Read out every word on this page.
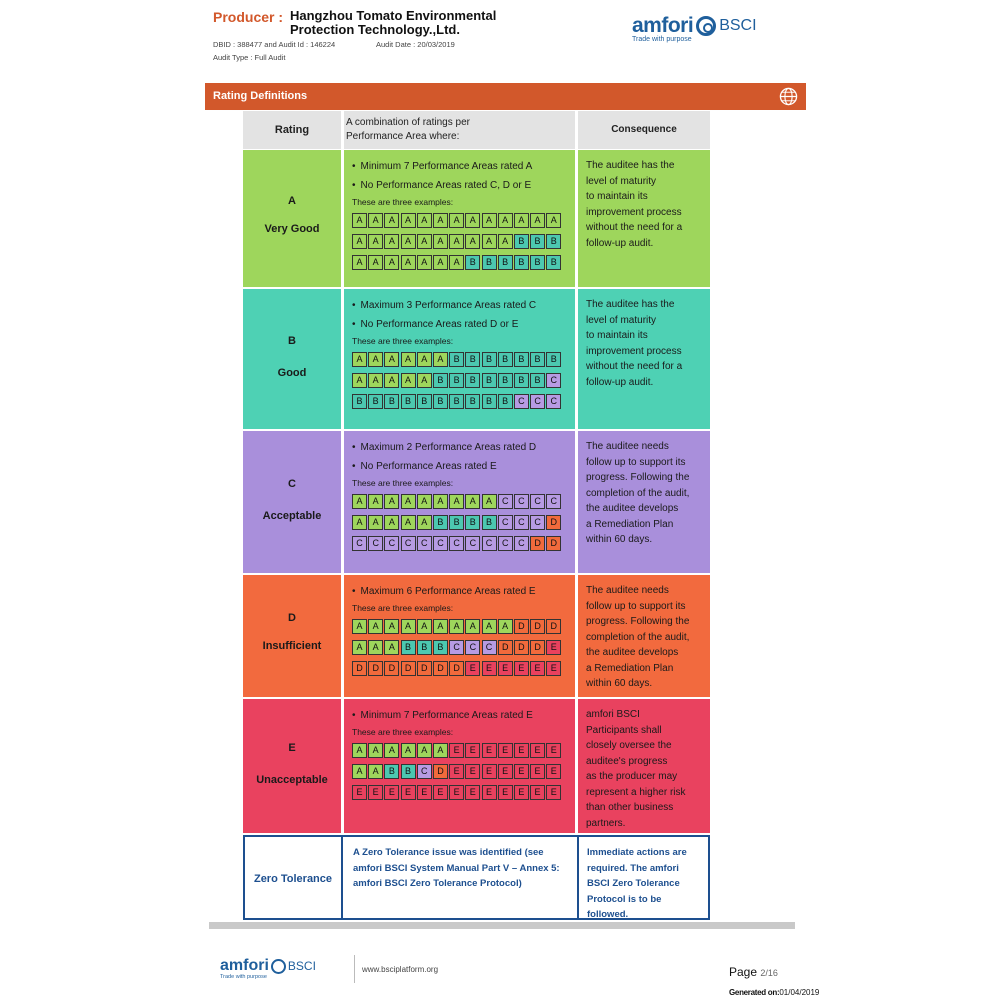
Producer : Hangzhou Tomato Environmental
Protection Technology.,Ltd.
DBID : 388477 and Audit Id : 146224	Audit Date : 20/03/2019
Audit Type : Full Audit
amfori BSCI
Trade with purpose
Rating Definitions
Rating
A combination of ratings per
Performance Area where:
Consequence
A
Very Good
• Minimum 7 Performance Areas rated A
• No Performance Areas rated C, D or E
These are three examples:
A	A	A	A	A	A	A	A	A	A	A	A	A
A	A	A	A	A	A	A	A	A	A	B	B	B
A	A	A	A	A	A	A	B	B	B	B	B	B
The auditee has the
level of maturity
to maintain its
improvement process
without the need for a
follow-up audit.
B
Good
• Maximum 3 Performance Areas rated C
• No Performance Areas rated D or E
These are three examples:
A	A	A	A	A	A	B	B	B	B	B	B	B
A	A	A	A	A	B	B	B	B	B	B	B	C
B	B	B	B	B	B	B	B	B	B	C	C	C
The auditee has the
level of maturity
to maintain its
improvement process
without the need for a
follow-up audit.
C
Acceptable
• Maximum 2 Performance Areas rated D
• No Performance Areas rated E
These are three examples:
A	A	A	A	A	A	A	A	A	C	C	C	C
A	A	A	A	A	B	B	B	B	C	C	C	D
C	C	C	C	C	C	C	C	C	C	C	D	D
The auditee needs
follow up to support its
progress. Following the
completion of the audit,
the auditee develops
a Remediation Plan
within 60 days.
D
Insufficient
• Maximum 6 Performance Areas rated E
These are three examples:
A	A	A	A	A	A	A	A	A	A	D	D	D
A	A	A	B	B	B	C	C	C	D	D	D	E
D	D	D	D	D	D	D	E	E	E	E	E	E
The auditee needs
follow up to support its
progress. Following the
completion of the audit,
the auditee develops
a Remediation Plan
within 60 days.
E
Unacceptable
• Minimum 7 Performance Areas rated E
These are three examples:
A	A	A	A	A	A	E	E	E	E	E	E	E
A	A	B	B	C	D	E	E	E	E	E	E	E
E	E	E	E	E	E	E	E	E	E	E	E	E
amfori BSCI
Participants shall
closely oversee the
auditee's progress
as the producer may
represent a higher risk
than other business
partners.
Zero Tolerance
A Zero Tolerance issue was identified (see amfori BSCI System Manual Part V – Annex 5: amfori BSCI Zero Tolerance Protocol)
Immediate actions are required. The amfori BSCI Zero Tolerance Protocol is to be followed.
amfori BSCI
Trade with purpose
www.bsciplatform.org	Page 2/16
Generated on:01/04/2019
